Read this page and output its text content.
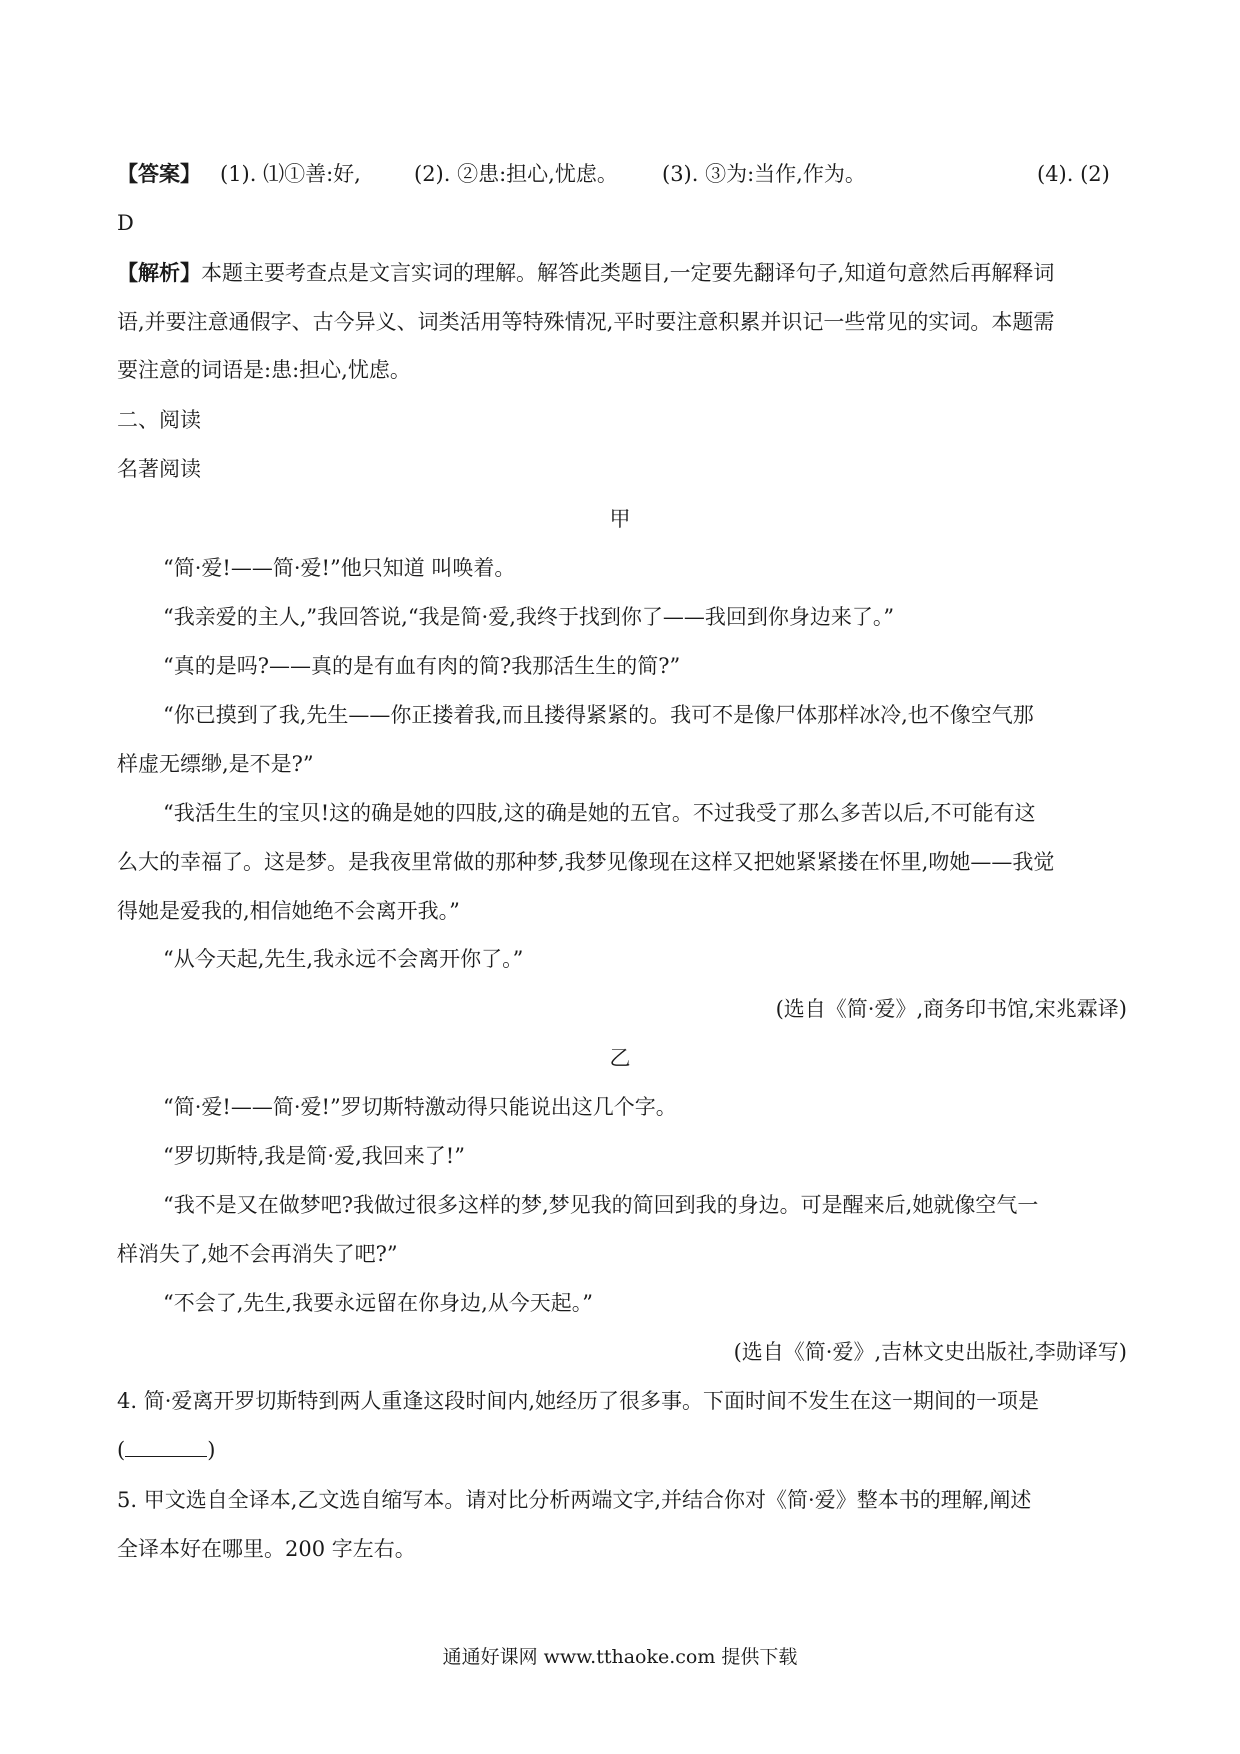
【答案】 (1). ⑴①善:好,	(2). ②患:担心,忧虑。 (3). ③为:当作,作为。	(4). (2)
D
【解析】本题主要考查点是文言实词的理解。解答此类题目,一定要先翻译句子,知道句意然后再解释词
语,并要注意通假字、古今异义、词类活用等特殊情况,平时要注意积累并识记一些常见的实词。本题需
要注意的词语是:患:担心,忧虑。
二、阅读
名著阅读
甲
“简·爱!——简·爱!”他只知道 叫唤着。
“我亲爱的主人,”我回答说,“我是简·爱,我终于找到你了——我回到你身边来了。”
“真的是吗?——真的是有血有肉的简?我那活生生的简?”
“你已摸到了我,先生——你正搂着我,而且搂得紧紧的。我可不是像尸体那样冰冷,也不像空气那
样虚无缥缈,是不是?”
“我活生生的宝贝!这的确是她的四肢,这的确是她的五官。不过我受了那么多苦以后,不可能有这
么大的幸福了。这是梦。是我夜里常做的那种梦,我梦见像现在这样又把她紧紧搂在怀里,吻她——我觉
得她是爱我的,相信她绝不会离开我。”
“从今天起,先生,我永远不会离开你了。”
(选自《简·爱》,商务印书馆,宋兆霖译)
乙
“简·爱!——简·爱!”罗切斯特激动得只能说出这几个字。
“罗切斯特,我是简·爱,我回来了!”
“我不是又在做梦吧?我做过很多这样的梦,梦见我的简回到我的身边。可是醒来后,她就像空气一
样消失了,她不会再消失了吧?”
“不会了,先生,我要永远留在你身边,从今天起。”
(选自《简·爱》,吉林文史出版社,李勋译写)
4. 简·爱离开罗切斯特到两人重逢这段时间内,她经历了很多事。下面时间不发生在这一期间的一项是
(	)
5. 甲文选自全译本,乙文选自缩写本。请对比分析两端文字,并结合你对《简·爱》整本书的理解,阐述
全译本好在哪里。200 字左右。
通通好课网 www.tthaoke.com 提供下载
